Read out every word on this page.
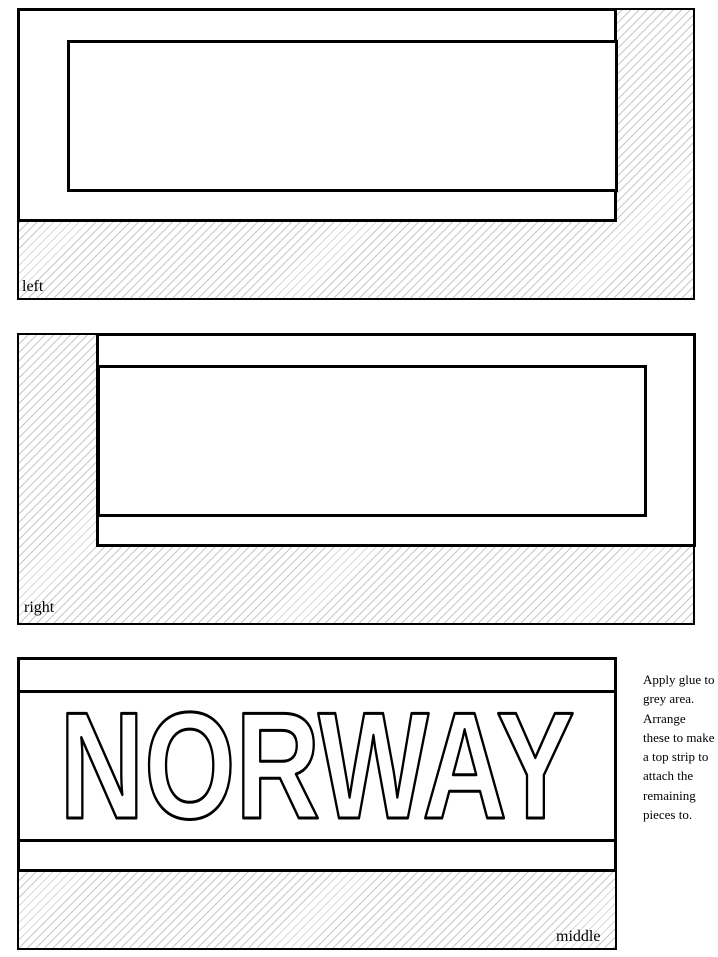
left
right
NORWAY
middle
Apply glue to grey area. Arrange these to make a top strip to attach the remaining pieces to.
